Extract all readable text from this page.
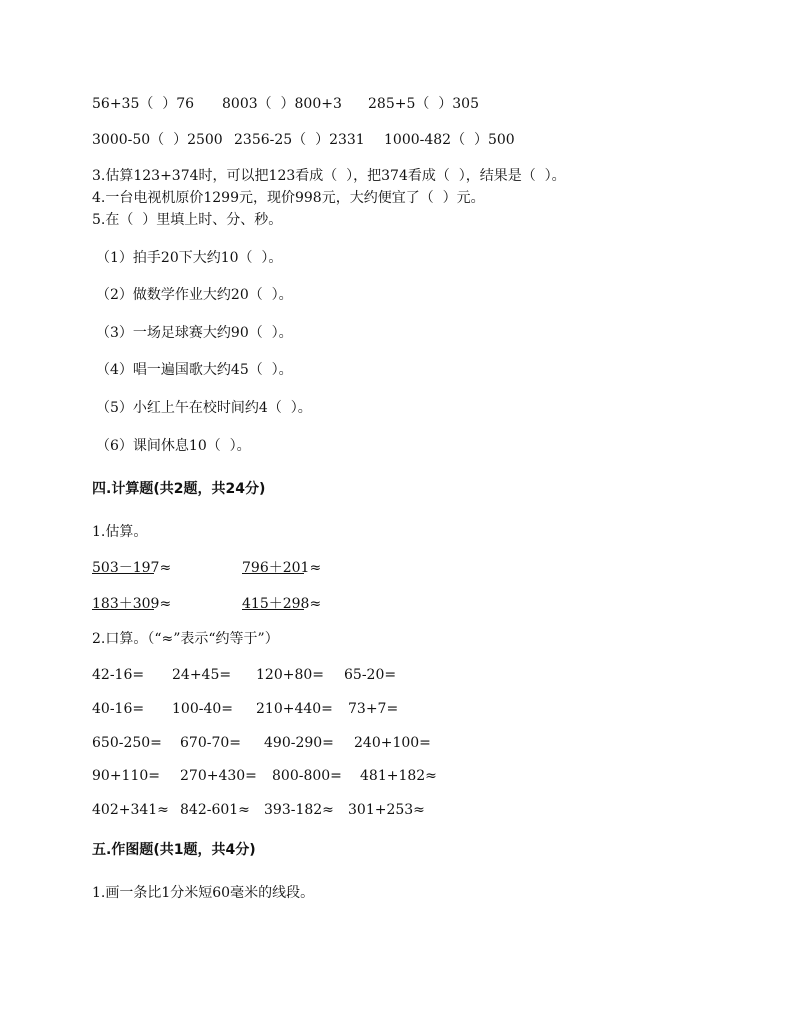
56+35（  ）76

8003（  ）800+3

285+5（  ）305

3000-50（  ）2500

2356-25（  ）2331

1000-482（  ）500

3.估算123+374时，可以把123看成（  ），把374看成（  ），结果是（  ）。
4.一台电视机原价1299元，现价998元，大约便宜了（  ）元。
5.在（  ）里填上时、分、秒。
（1）拍手20下大约10（  ）。
（2）做数学作业大约20（  ）。
（3）一场足球赛大约90（  ）。
（4）唱一遍国歌大约45（  ）。
（5）小红上午在校时间约4（  ）。
（6）课间休息10（  ）。
四.计算题(共2题，共24分)
1.估算。

503－197≈

	796＋201≈

183＋309≈

	415＋298≈

2.口算。（“≈”表示“约等于”）

42-16=

24+45=

120+80=

65-20=

40-16=

100-40=

210+440=

73+7=

650-250=

670-70=

490-290=

240+100=

90+110=

270+430=

800-800=

481+182≈

402+341≈

842-601≈

393-182≈

301+253≈

五.作图题(共1题，共4分)
1.画一条比1分米短60毫米的线段。
